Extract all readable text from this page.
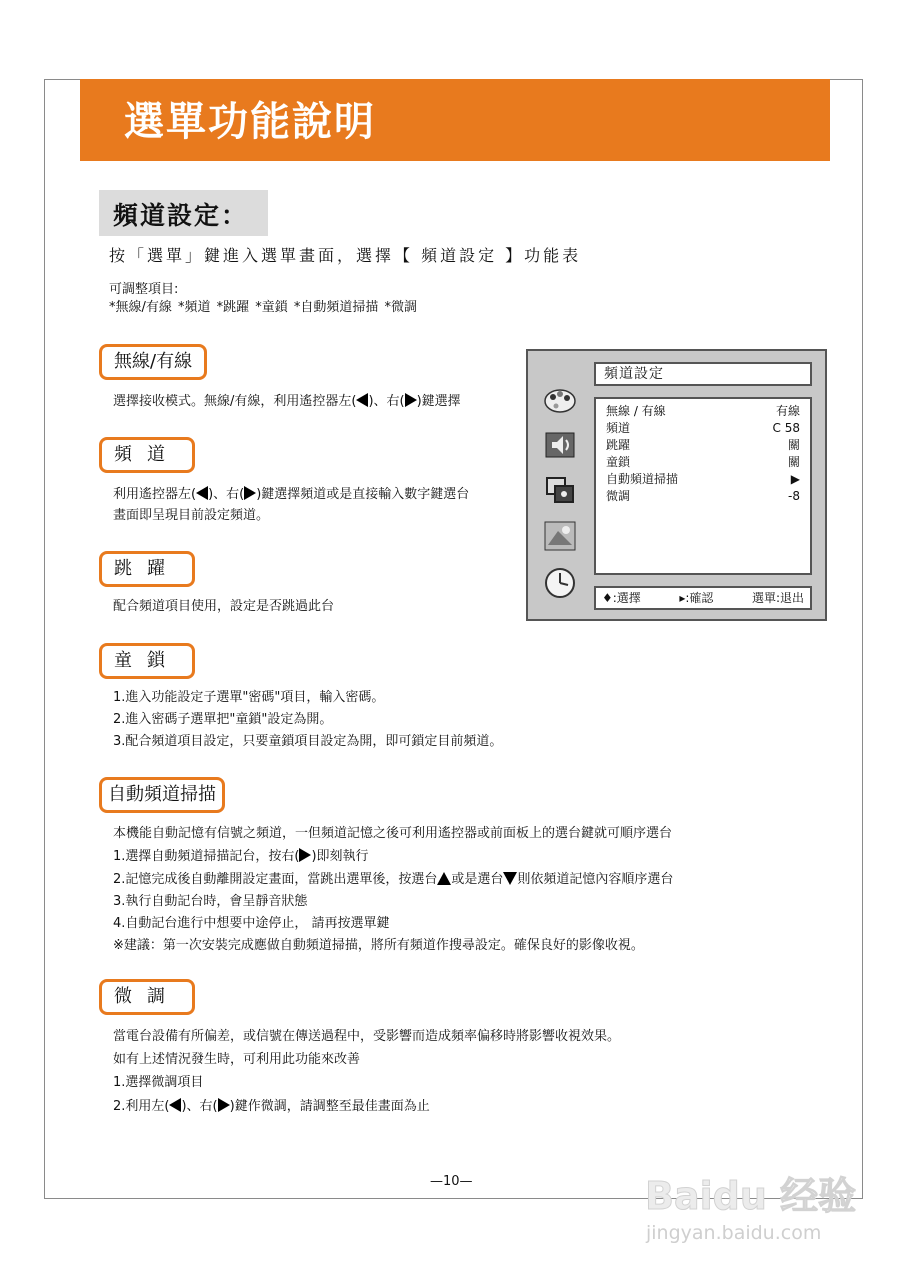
選單功能說明
頻道設定：
按「選單」鍵進入選單畫面，選擇【 頻道設定 】功能表
可調整項目:
*無線/有線 *頻道 *跳躍 *童鎖 *自動頻道掃描 *微調
無線/有線
選擇接收模式。無線/有線，利用遙控器左( )、右( )鍵選擇
頻道
利用遙控器左( )、右( )鍵選擇頻道或是直接輸入數字鍵選台
畫面即呈現目前設定頻道。
跳躍
配合頻道項目使用，設定是否跳過此台
童鎖
1.進入功能設定子選單"密碼"項目，輸入密碼。
2.進入密碼子選單把"童鎖"設定為開。
3.配合頻道項目設定，只要童鎖項目設定為開，即可鎖定目前頻道。
自動頻道掃描
本機能自動記憶有信號之頻道，一但頻道記憶之後可利用遙控器或前面板上的選台鍵就可順序選台
1.選擇自動頻道掃描記台，按右( )即刻執行
2.記憶完成後自動離開設定畫面，當跳出選單後，按選台 或是選台 則依頻道記憶內容順序選台
3.執行自動記台時，會呈靜音狀態
4.自動記台進行中想要中途停止， 請再按選單鍵
※建議：第一次安裝完成應做自動頻道掃描，將所有頻道作搜尋設定。確保良好的影像收視。
微調
當電台設備有所偏差，或信號在傳送過程中，受影響而造成頻率偏移時將影響收視效果。
如有上述情況發生時，可利用此功能來改善
1.選擇微調項目
2.利用左( )、右( )鍵作微調，請調整至最佳畫面為止
頻道設定
無線 / 有線	有線
頻道	C 58
跳躍	關
童鎖	關
自動頻道掃描	▶
微調	-8
♦:選擇	▸:確認	選單:退出
—10—	Baidu 经验
jingyan.baidu.com
